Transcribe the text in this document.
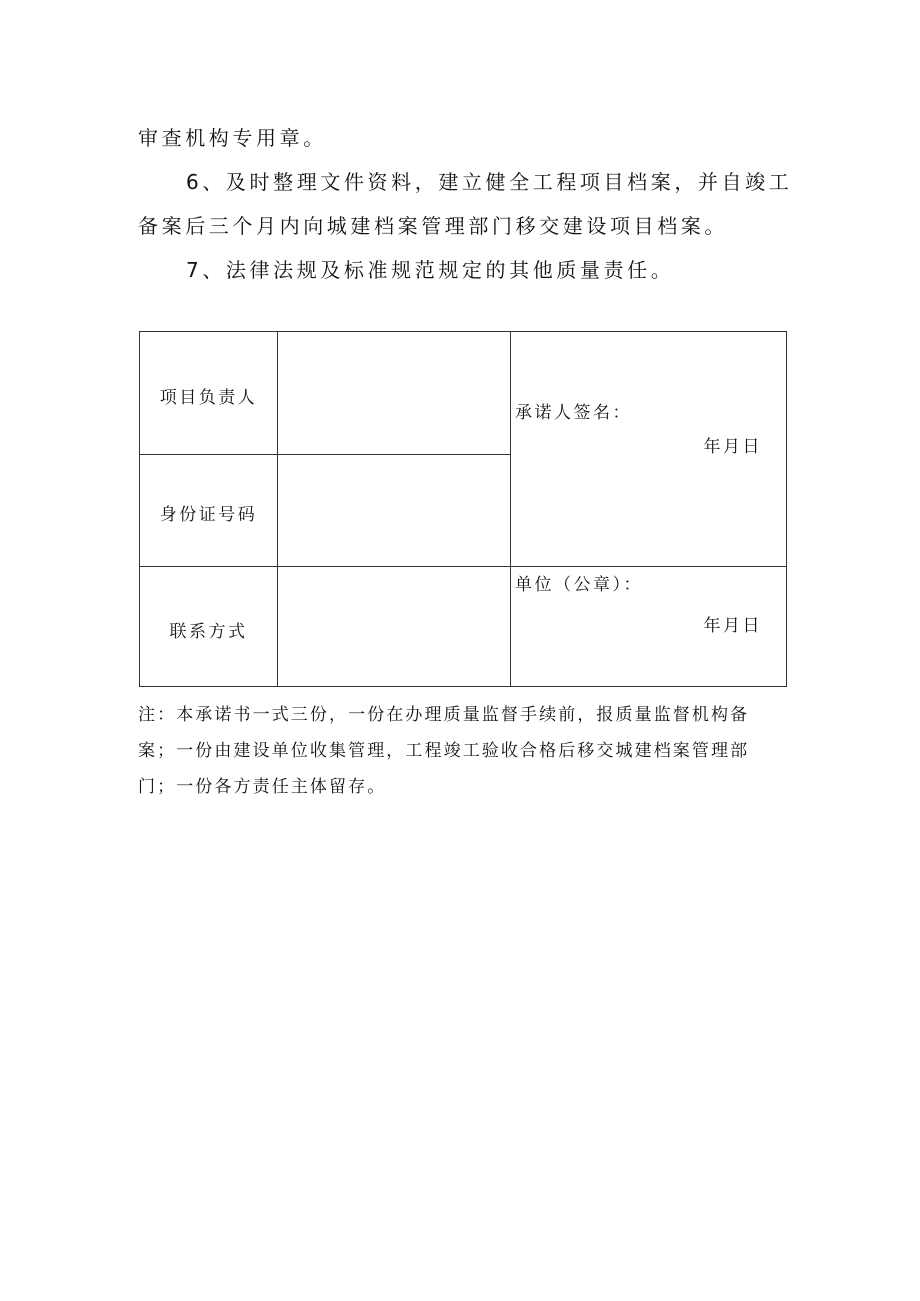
审查机构专用章。
6、及时整理文件资料，建立健全工程项目档案，并自竣工
备案后三个月内向城建档案管理部门移交建设项目档案。
7、法律法规及标准规范规定的其他质量责任。
项目负责人		承诺人签名：
年月日

身份证号码		

联系方式		单位（公章）：
年月日
注：本承诺书一式三份，一份在办理质量监督手续前，报质量监督机构备
案；一份由建设单位收集管理，工程竣工验收合格后移交城建档案管理部
门；一份各方责任主体留存。
